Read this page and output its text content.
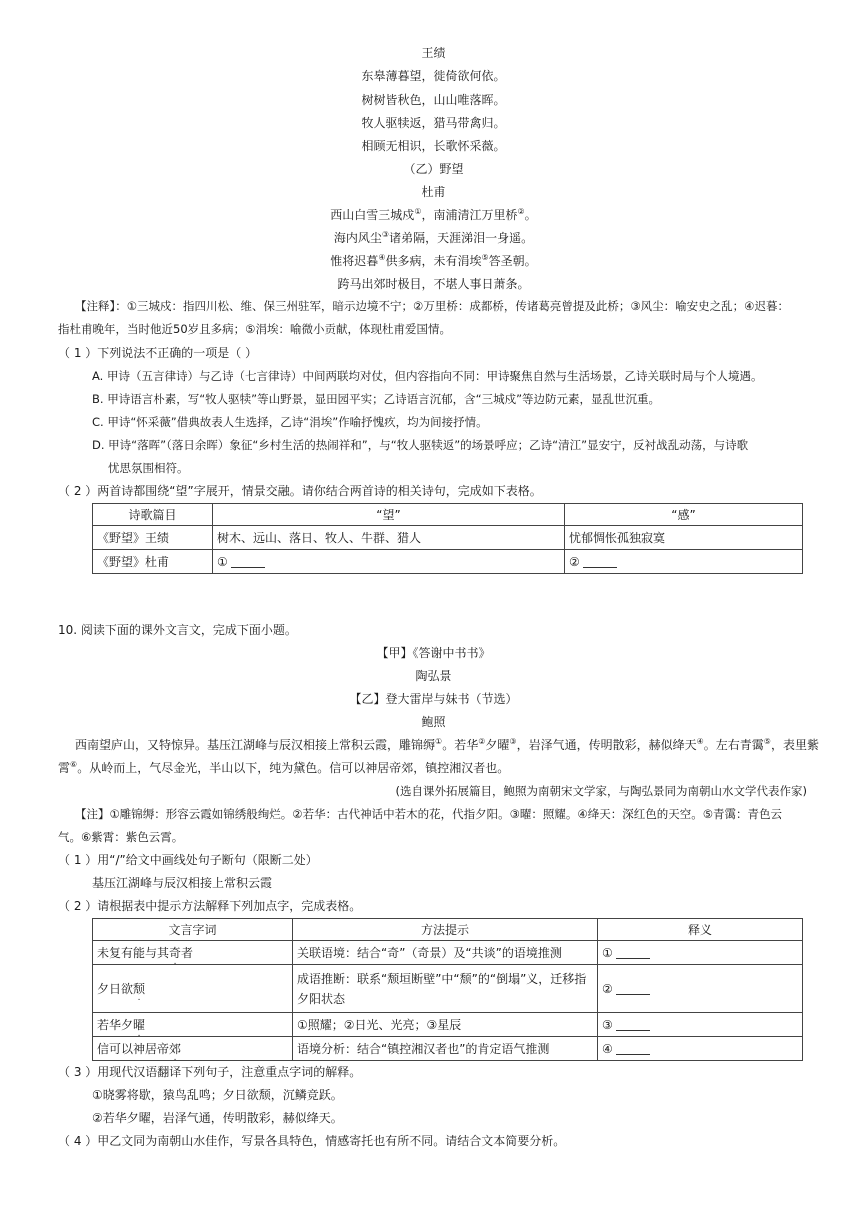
王绩
东皋薄暮望，徙倚欲何依。
树树皆秋色，山山唯落晖。
牧人驱犊返，猎马带禽归。
相顾无相识，长歌怀采薇。
（乙）野望
杜甫
西山白雪三城戍①，南浦清江万里桥②。
海内风尘③诸弟隔，天涯涕泪一身遥。
惟将迟暮④供多病，未有涓埃⑤答圣朝。
跨马出郊时极目，不堪人事日萧条。
【注释】：①三城戍：指四川松、维、保三州驻军，暗示边境不宁；②万里桥：成都桥，传诸葛亮曾提及此桥；③风尘：喻安史之乱；④迟暮：
指杜甫晚年，当时他近50岁且多病；⑤涓埃：喻微小贡献，体现杜甫爱国情。
（ 1 ）下列说法不正确的一项是（ ）
A. 甲诗（五言律诗）与乙诗（七言律诗）中间两联均对仗，但内容指向不同：甲诗聚焦自然与生活场景，乙诗关联时局与个人境遇。
B. 甲诗语言朴素，写“牧人驱犊”等山野景，显田园平实；乙诗语言沉郁，含“三城戍”等边防元素，显乱世沉重。
C. 甲诗“怀采薇”借典故表人生选择，乙诗“涓埃”作喻抒愧疚，均为间接抒情。
D. 甲诗“落晖”（落日余晖）象征“乡村生活的热闹祥和”，与“牧人驱犊返”的场景呼应；乙诗“清江”显安宁，反衬战乱动荡，与诗歌
忧思氛围相符。
（ 2 ）两首诗都围绕“望”字展开，情景交融。请你结合两首诗的相关诗句，完成如下表格。
诗歌篇目	“望”	“感”
《野望》王绩	树木、远山、落日、牧人、牛群、猎人	忧郁惆怅孤独寂寞
《野望》杜甫	①	②
10. 阅读下面的课外文言文，完成下面小题。
【甲】《答谢中书书》
陶弘景
【乙】登大雷岸与妹书（节选）
鲍照
西南望庐山，又特惊异。基压江湖峰与辰汉相接上常积云霞，雕锦缛①。若华②夕曜③，岩泽气通，传明散彩，赫似绛天④。左右青霭⑤，表里紫
霄⑥。从岭而上，气尽金光，半山以下，纯为黛色。信可以神居帝郊，镇控湘汉者也。
(选自课外拓展篇目，鲍照为南朝宋文学家，与陶弘景同为南朝山水文学代表作家)
【注】①雕锦缛：形容云霞如锦绣般绚烂。②若华：古代神话中若木的花，代指夕阳。③曜：照耀。④绛天：深红色的天空。⑤青霭：青色云
气。⑥紫霄：紫色云霄。
（ 1 ）用“/”给文中画线处句子断句（限断二处）
基压江湖峰与辰汉相接上常积云霞
（ 2 ）请根据表中提示方法解释下列加点字，完成表格。
文言字词	方法提示	释义
未复有能与其奇者	关联语境：结合“奇”（奇景）及“共谈”的语境推测	①
夕日欲颓	成语推断：联系“颓垣断壁”中“颓”的“倒塌”义，迁移指夕阳状态	②
若华夕曜	①照耀；②日光、光亮；③星辰	③
信可以神居帝郊	语境分析：结合“镇控湘汉者也”的肯定语气推测	④
（ 3 ）用现代汉语翻译下列句子，注意重点字词的解释。
①晓雾将歇，猿鸟乱鸣；夕日欲颓，沉鳞竞跃。
②若华夕曜，岩泽气通，传明散彩，赫似绛天。
（ 4 ）甲乙文同为南朝山水佳作，写景各具特色，情感寄托也有所不同。请结合文本简要分析。
